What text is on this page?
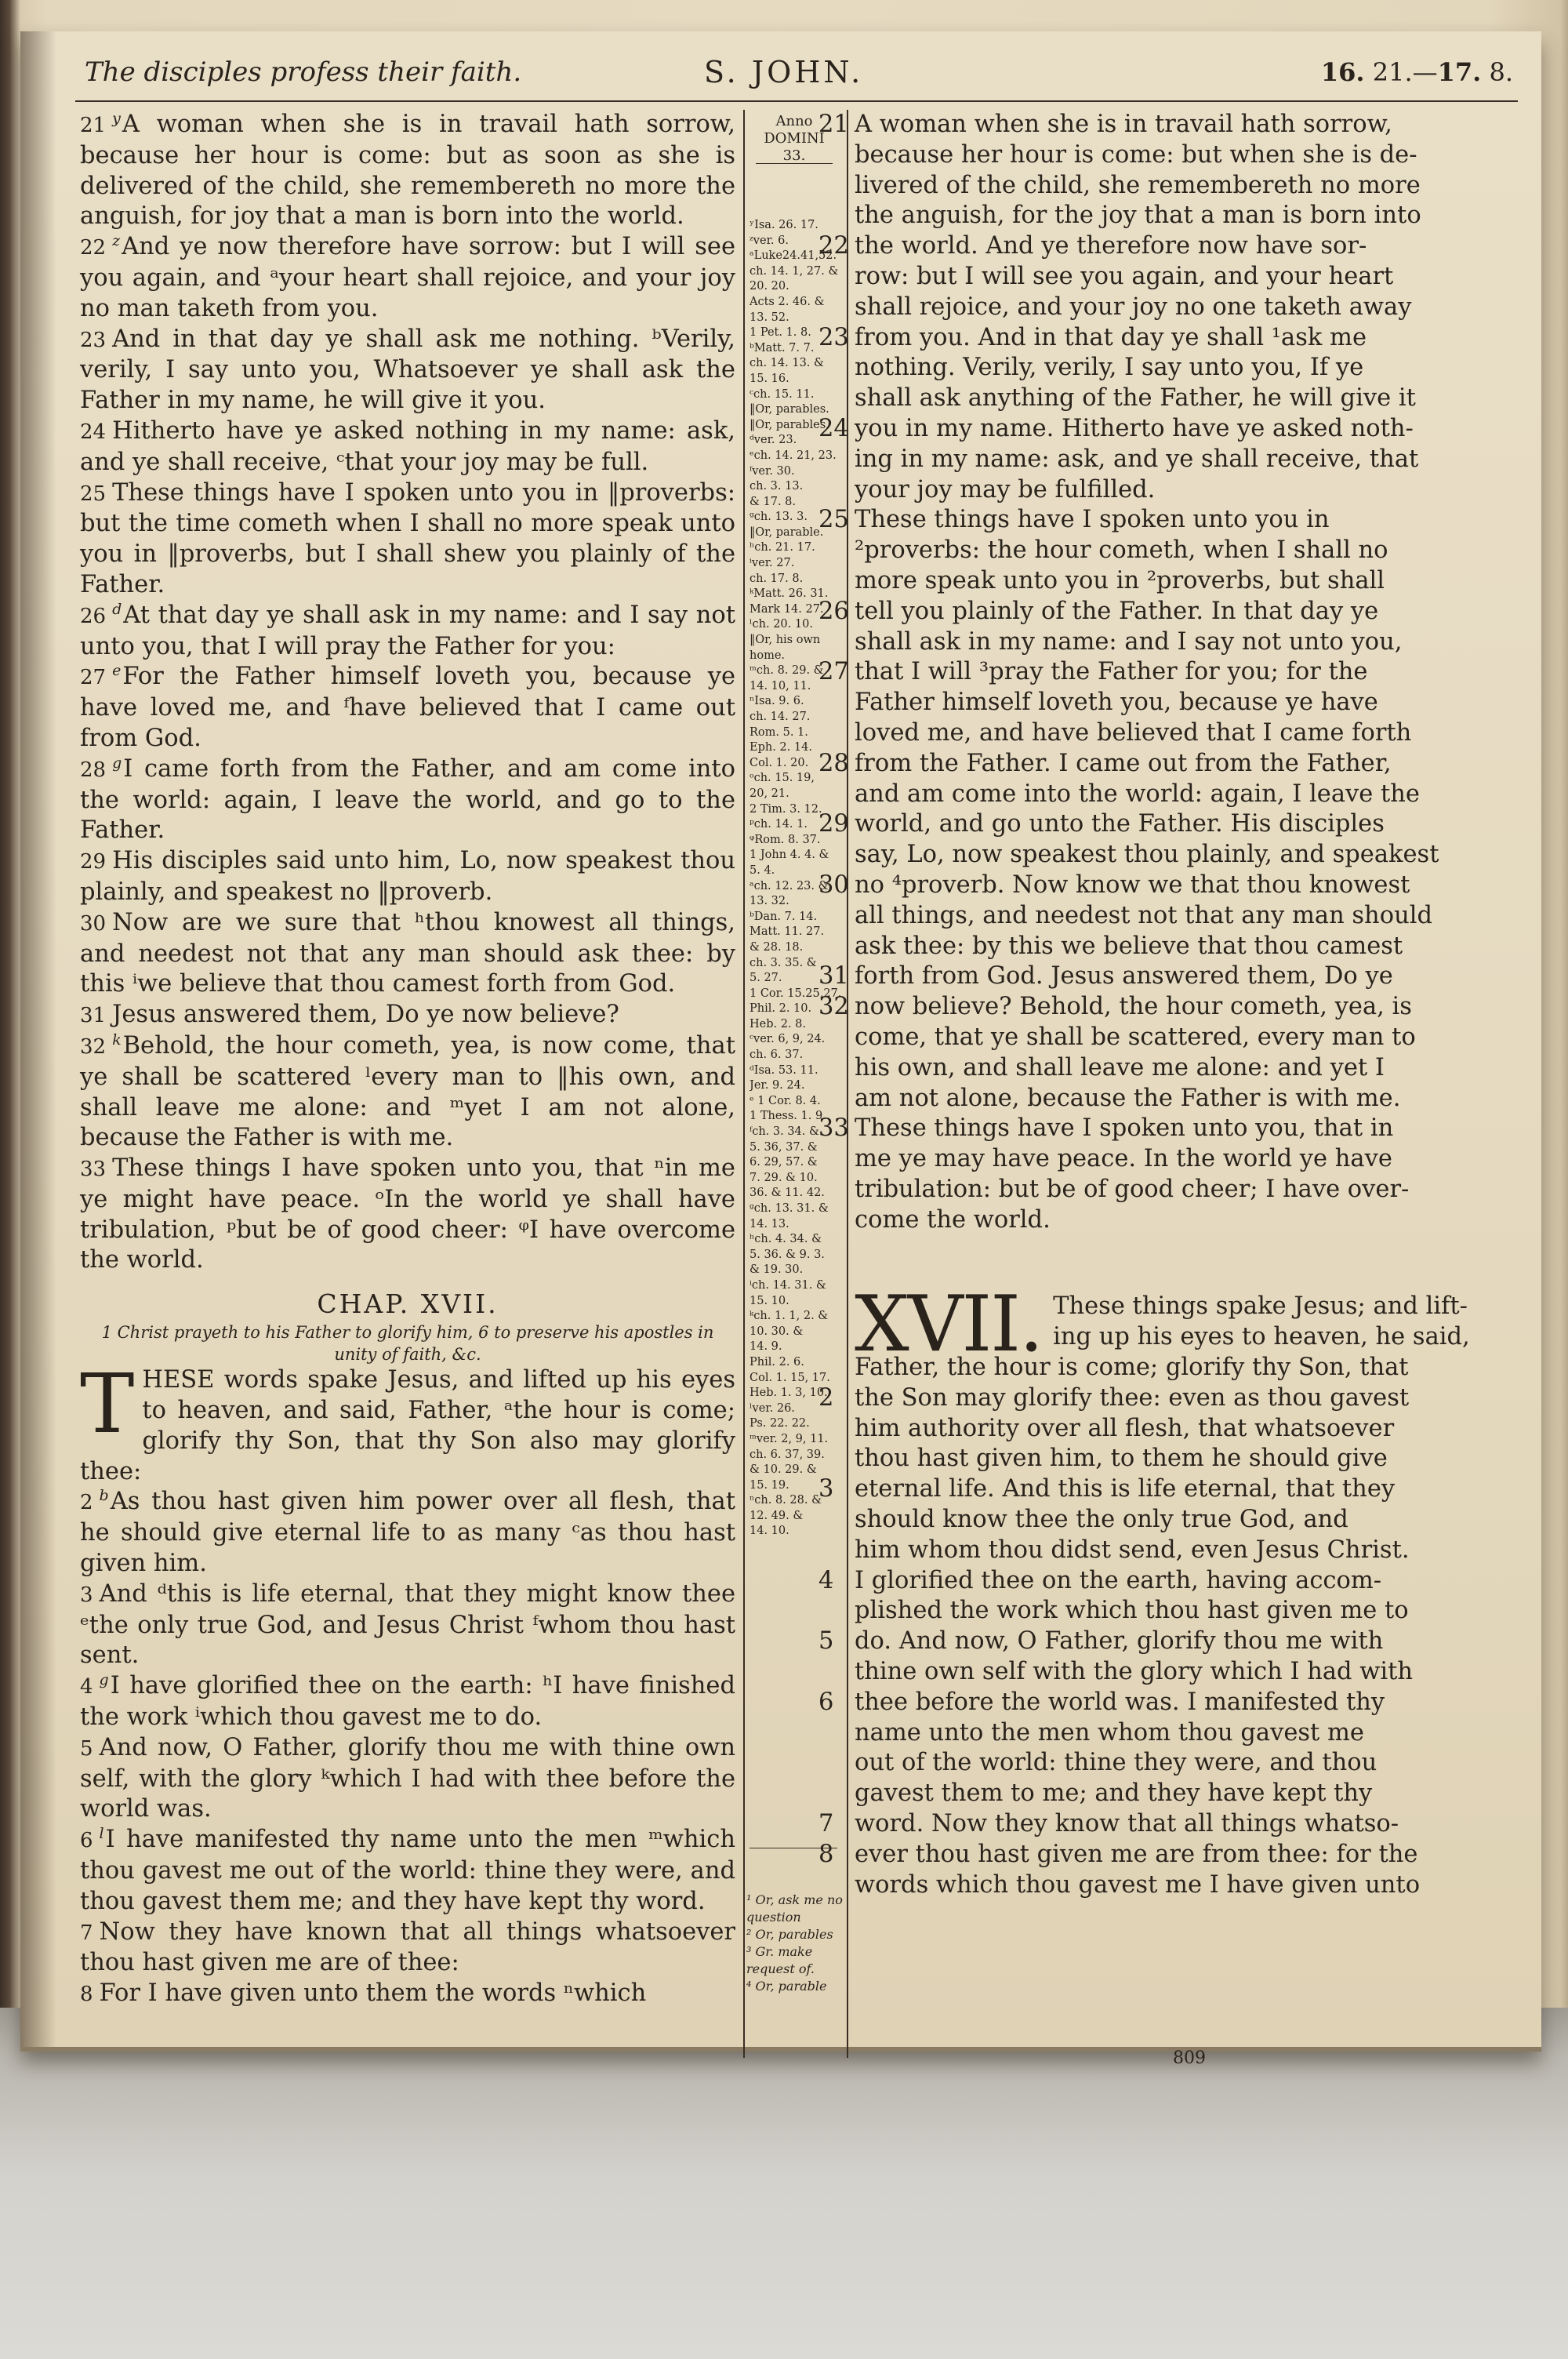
The disciples profess their faith.	S. JOHN.	16. 21.—17. 8.

21 $^y$A woman when she is in travail hath sorrow, because her hour is come: but as soon as she is delivered of the child, she remembereth no more the anguish, for joy that a man is born into the world.

22 $^z$And ye now therefore have sorrow: but I will see you again, and ᵃyour heart shall rejoice, and your joy no man taketh from you.

23 And in that day ye shall ask me nothing. ᵇVerily, verily, I say unto you, Whatsoever ye shall ask the Father in my name, he will give it you.

24 Hitherto have ye asked nothing in my name: ask, and ye shall receive, ᶜthat your joy may be full.

25 These things have I spoken unto you in ‖proverbs: but the time cometh when I shall no more speak unto you in ‖proverbs, but I shall shew you plainly of the Father.

26 $^d$At that day ye shall ask in my name: and I say not unto you, that I will pray the Father for you:

27 $^e$For the Father himself loveth you, because ye have loved me, and ᶠhave believed that I came out from God.

28 $^g$I came forth from the Father, and am come into the world: again, I leave the world, and go to the Father.

29 His disciples said unto him, Lo, now speakest thou plainly, and speakest no ‖proverb.

30 Now are we sure that ʰthou knowest all things, and needest not that any man should ask thee: by this ⁱwe believe that thou camest forth from God.

31 Jesus answered them, Do ye now believe?

32 $^k$Behold, the hour cometh, yea, is now come, that ye shall be scattered ˡevery man to ‖his own, and shall leave me alone: and ᵐyet I am not alone, because the Father is with me.

33 These things I have spoken unto you, that ⁿin me ye might have peace. ᵒIn the world ye shall have tribulation, ᵖbut be of good cheer: ᵠI have overcome the world.

CHAP. XVII.

1 Christ prayeth to his Father to glorify him, 6 to preserve his apostles in unity of faith, &c.

THESE words spake Jesus, and lifted up his eyes to heaven, and said, Father, ᵃthe hour is come; glorify thy Son, that thy Son also may glorify thee:

2 $^b$As thou hast given him power over all flesh, that he should give eternal life to as many ᶜas thou hast given him.

3 And ᵈthis is life eternal, that they might know thee ᵉthe only true God, and Jesus Christ ᶠwhom thou hast sent.

4 $^g$I have glorified thee on the earth: ʰI have finished the work ⁱwhich thou gavest me to do.

5 And now, O Father, glorify thou me with thine own self, with the glory ᵏwhich I had with thee before the world was.

6 $^l$I have manifested thy name unto the men ᵐwhich thou gavest me out of the world: thine they were, and thou gavest them me; and they have kept thy word.

7 Now they have known that all things whatsoever thou hast given me are of thee:

8 For I have given unto them the words ⁿwhich

Anno
DOMINI
33.
ʸIsa. 26. 17.
ᶻver. 6.
ᵃLuke24.41,52.
ch. 14. 1, 27. &
20. 20.
Acts 2. 46. &
13. 52.
1 Pet. 1. 8.
ᵇMatt. 7. 7.
ch. 14. 13. &
15. 16.
ᶜch. 15. 11.
‖Or, parables.
‖Or, parables.
ᵈver. 23.
ᵉch. 14. 21, 23.
ᶠver. 30.
ch. 3. 13.
& 17. 8.
ᵍch. 13. 3.
‖Or, parable.
ʰch. 21. 17.
ⁱver. 27.
ch. 17. 8.
ᵏMatt. 26. 31.
Mark 14. 27.
ˡch. 20. 10.
‖Or, his own
home.
ᵐch. 8. 29. &
14. 10, 11.
ⁿIsa. 9. 6.
ch. 14. 27.
Rom. 5. 1.
Eph. 2. 14.
Col. 1. 20.
ᵒch. 15. 19,
20, 21.
2 Tim. 3. 12.
ᵖch. 14. 1.
ᵠRom. 8. 37.
1 John 4. 4. &
5. 4.
ᵃch. 12. 23. &
13. 32.
ᵇDan. 7. 14.
Matt. 11. 27.
& 28. 18.
ch. 3. 35. &
5. 27.
1 Cor. 15.25,27.
Phil. 2. 10.
Heb. 2. 8.
ᶜver. 6, 9, 24.
ch. 6. 37.
ᵈIsa. 53. 11.
Jer. 9. 24.
ᵉ 1 Cor. 8. 4.
1 Thess. 1. 9.
ᶠch. 3. 34. &
5. 36, 37. &
6. 29, 57. &
7. 29. & 10.
36. & 11. 42.
ᵍch. 13. 31. &
14. 13.
ʰch. 4. 34. &
5. 36. & 9. 3.
& 19. 30.
ⁱch. 14. 31. &
15. 10.
ᵏch. 1. 1, 2. &
10. 30. &
14. 9.
Phil. 2. 6.
Col. 1. 15, 17.
Heb. 1. 3, 10.
ˡver. 26.
Ps. 22. 22.
ᵐver. 2, 9, 11.
ch. 6. 37, 39.
& 10. 29. &
15. 19.
ⁿch. 8. 28. &
12. 49. &
14. 10.
¹ Or, ask me no
question
² Or, parables
³ Gr. make
request of.
⁴ Or, parable
21 A woman when she is in travail hath sorrow,
because her hour is come: but when she is de-
livered of the child, she remembereth no more
the anguish, for the joy that a man is born into
22 the world. And ye therefore now have sor-
row: but I will see you again, and your heart
shall rejoice, and your joy no one taketh away
23 from you. And in that day ye shall ¹ask me
nothing. Verily, verily, I say unto you, If ye
shall ask anything of the Father, he will give it
24 you in my name. Hitherto have ye asked noth-
ing in my name: ask, and ye shall receive, that
your joy may be fulfilled.
25 These things have I spoken unto you in
²proverbs: the hour cometh, when I shall no
more speak unto you in ²proverbs, but shall
26 tell you plainly of the Father. In that day ye
shall ask in my name: and I say not unto you,
27 that I will ³pray the Father for you; for the
Father himself loveth you, because ye have
loved me, and have believed that I came forth
28 from the Father. I came out from the Father,
and am come into the world: again, I leave the
29 world, and go unto the Father. His disciples
say, Lo, now speakest thou plainly, and speakest
30 no ⁴proverb. Now know we that thou knowest
all things, and needest not that any man should
ask thee: by this we believe that thou camest
31 forth from God. Jesus answered them, Do ye
32 now believe? Behold, the hour cometh, yea, is
come, that ye shall be scattered, every man to
his own, and shall leave me alone: and yet I
am not alone, because the Father is with me.
33 These things have I spoken unto you, that in
me ye may have peace. In the world ye have
tribulation: but be of good cheer; I have over-
come the world.
XVII. These things spake Jesus; and lift-
ing up his eyes to heaven, he said,
Father, the hour is come; glorify thy Son, that
2 the Son may glorify thee: even as thou gavest
him authority over all flesh, that whatsoever
thou hast given him, to them he should give
3 eternal life. And this is life eternal, that they
should know thee the only true God, and
him whom thou didst send, even Jesus Christ.
4 I glorified thee on the earth, having accom-
plished the work which thou hast given me to
5 do. And now, O Father, glorify thou me with
thine own self with the glory which I had with
6 thee before the world was. I manifested thy
name unto the men whom thou gavest me
out of the world: thine they were, and thou
gavest them to me; and they have kept thy
7 word. Now they know that all things whatso-
8 ever thou hast given me are from thee: for the
words which thou gavest me I have given unto
809
